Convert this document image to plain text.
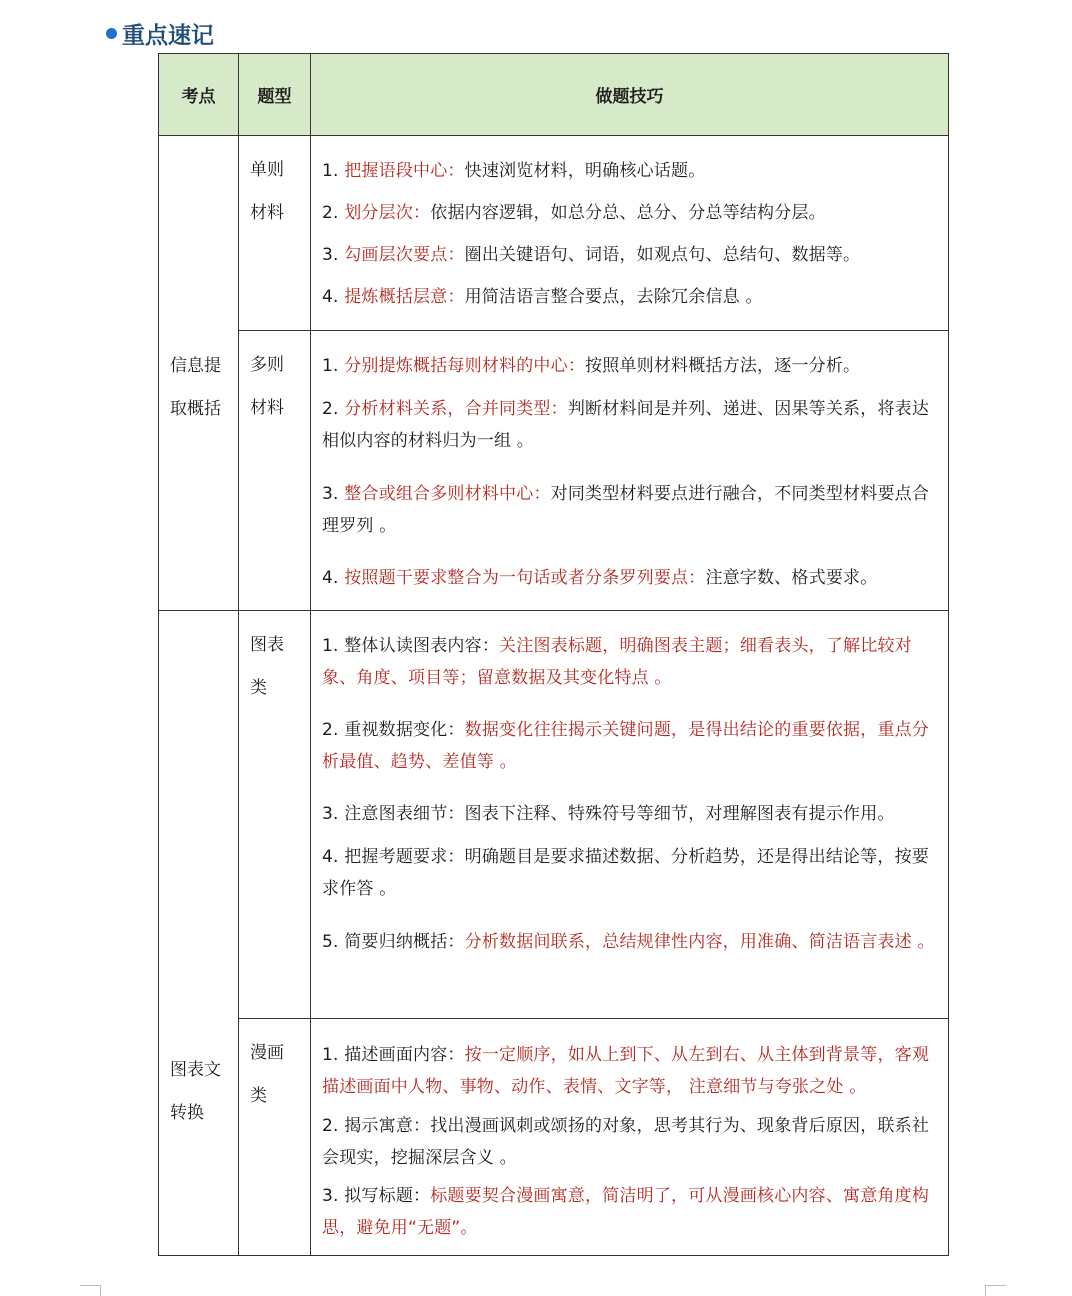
重点速记
考点	题型	做题技巧
信息提取概括
单则材料
1. 把握语段中心：快速浏览材料，明确核心话题。
2. 划分层次：依据内容逻辑，如总分总、总分、分总等结构分层。
3. 勾画层次要点：圈出关键语句、词语，如观点句、总结句、数据等。
4. 提炼概括层意：用简洁语言整合要点，去除冗余信息 。
多则材料
1. 分别提炼概括每则材料的中心：按照单则材料概括方法，逐一分析。
2. 分析材料关系，合并同类型：判断材料间是并列、递进、因果等关系，将表达相似内容的材料归为一组 。
3. 整合或组合多则材料中心：对同类型材料要点进行融合，不同类型材料要点合理罗列 。
4. 按照题干要求整合为一句话或者分条罗列要点：注意字数、格式要求。
图表文转换
图表类
1. 整体认读图表内容：关注图表标题，明确图表主题；细看表头，了解比较对象、角度、项目等；留意数据及其变化特点 。
2. 重视数据变化：数据变化往往揭示关键问题，是得出结论的重要依据，重点分析最值、趋势、差值等 。
3. 注意图表细节：图表下注释、特殊符号等细节，对理解图表有提示作用。
4. 把握考题要求：明确题目是要求描述数据、分析趋势，还是得出结论等，按要求作答 。
5. 简要归纳概括：分析数据间联系，总结规律性内容，用准确、简洁语言表述 。
漫画类
1. 描述画面内容：按一定顺序，如从上到下、从左到右、从主体到背景等，客观描述画面中人物、事物、动作、表情、文字等， 注意细节与夸张之处 。
2. 揭示寓意：找出漫画讽刺或颂扬的对象，思考其行为、现象背后原因，联系社会现实，挖掘深层含义 。
3. 拟写标题：标题要契合漫画寓意，简洁明了，可从漫画核心内容、寓意角度构思，避免用“无题”。
